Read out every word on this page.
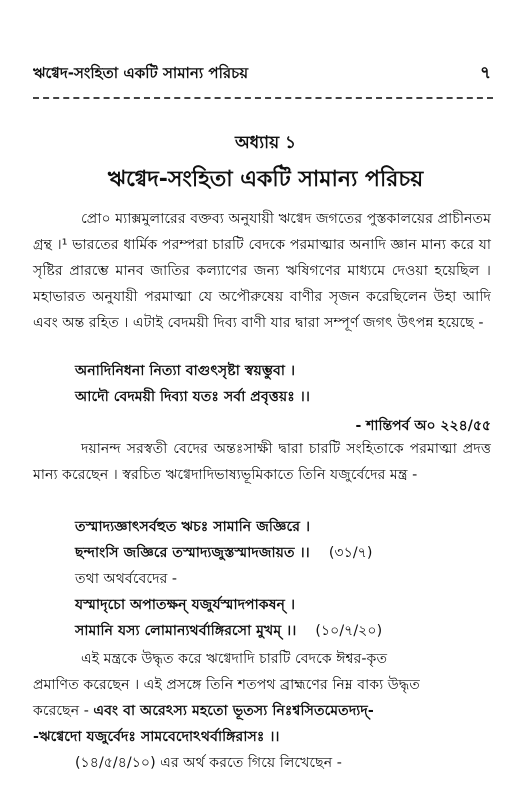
ঋগ্বেদ-সংহিতা একটি সামান্য পরিচয়	৭
অধ্যায় ১
ঋগ্বেদ-সংহিতা একটি সামান্য পরিচয়

প্রো০ ম্যাক্সমুলারের বক্তব্য অনুযায়ী ঋগ্বেদ জগতের পুস্তকালয়ের প্রাচীনতম গ্রন্থ ।¹ ভারতের ধার্মিক পরম্পরা চারটি বেদকে পরমাত্মার অনাদি জ্ঞান মান্য করে যা সৃষ্টির প্রারম্ভে মানব জাতির কল্যাণের জন্য ঋষিগণের মাধ্যমে দেওয়া হয়েছিল । মহাভারত অনুযায়ী পরমাত্মা যে অপৌরুষেয় বাণীর সৃজন করেছিলেন উহা আদি এবং অন্ত রহিত । এটাই বেদময়ী দিব্য বাণী যার দ্বারা সম্পূর্ণ জগৎ উৎপন্ন হয়েছে -

অনাদিনিধনা নিত্যা বাগুৎসৃষ্টা স্বয়ম্ভুবা ।
আদৌ বেদময়ী দিব্যা যতঃ সর্বা প্রবৃত্তয়ঃ ।।
- শান্তিপর্ব অ০ ২২৪/৫৫

দয়ানন্দ সরস্বতী বেদের অন্তঃসাক্ষী দ্বারা চারটি সংহিতাকে পরমাত্মা প্রদত্ত মান্য করেছেন । স্বরচিত ঋগ্বেদাদিভাষ্যভূমিকাতে তিনি যজুর্বেদের মন্ত্র -

তস্মাদ্যজ্ঞাৎসর্বহুত ঋচঃ সামানি জজ্ঞিরে ।
ছন্দাংসি জজ্ঞিরে তস্মাদ্যজুস্তস্মাদজায়ত ।। (৩১/৭)
তথা অথর্ববেদের -
যস্মাদৃচো অপাতক্ষন্ যজুর্যস্মাদপাকষন্ ।
সামানি যস্য লোমান্যথর্বাঙ্গিরসো মুখম্ ।। (১০/৭/২০)
এই মন্ত্রকে উদ্ধৃত করে ঋগ্বেদাদি চারটি বেদকে ঈশ্বর-কৃত
প্রমাণিত করেছেন । এই প্রসঙ্গে তিনি শতপথ ব্রাহ্মণের নিম্ন বাক্য উদ্ধৃত
করেছেন - এবং বা অরেঽস্য মহতো ভূতস্য নিঃশ্বসিতমেতদ্যদ্-
-ঋগ্বেদো যজুর্বেদঃ সামবেদোঽথর্বাঙ্গিরাসঃ ।।
(১৪/৫/৪/১০) এর অর্থ করতে গিয়ে লিখেছেন -
